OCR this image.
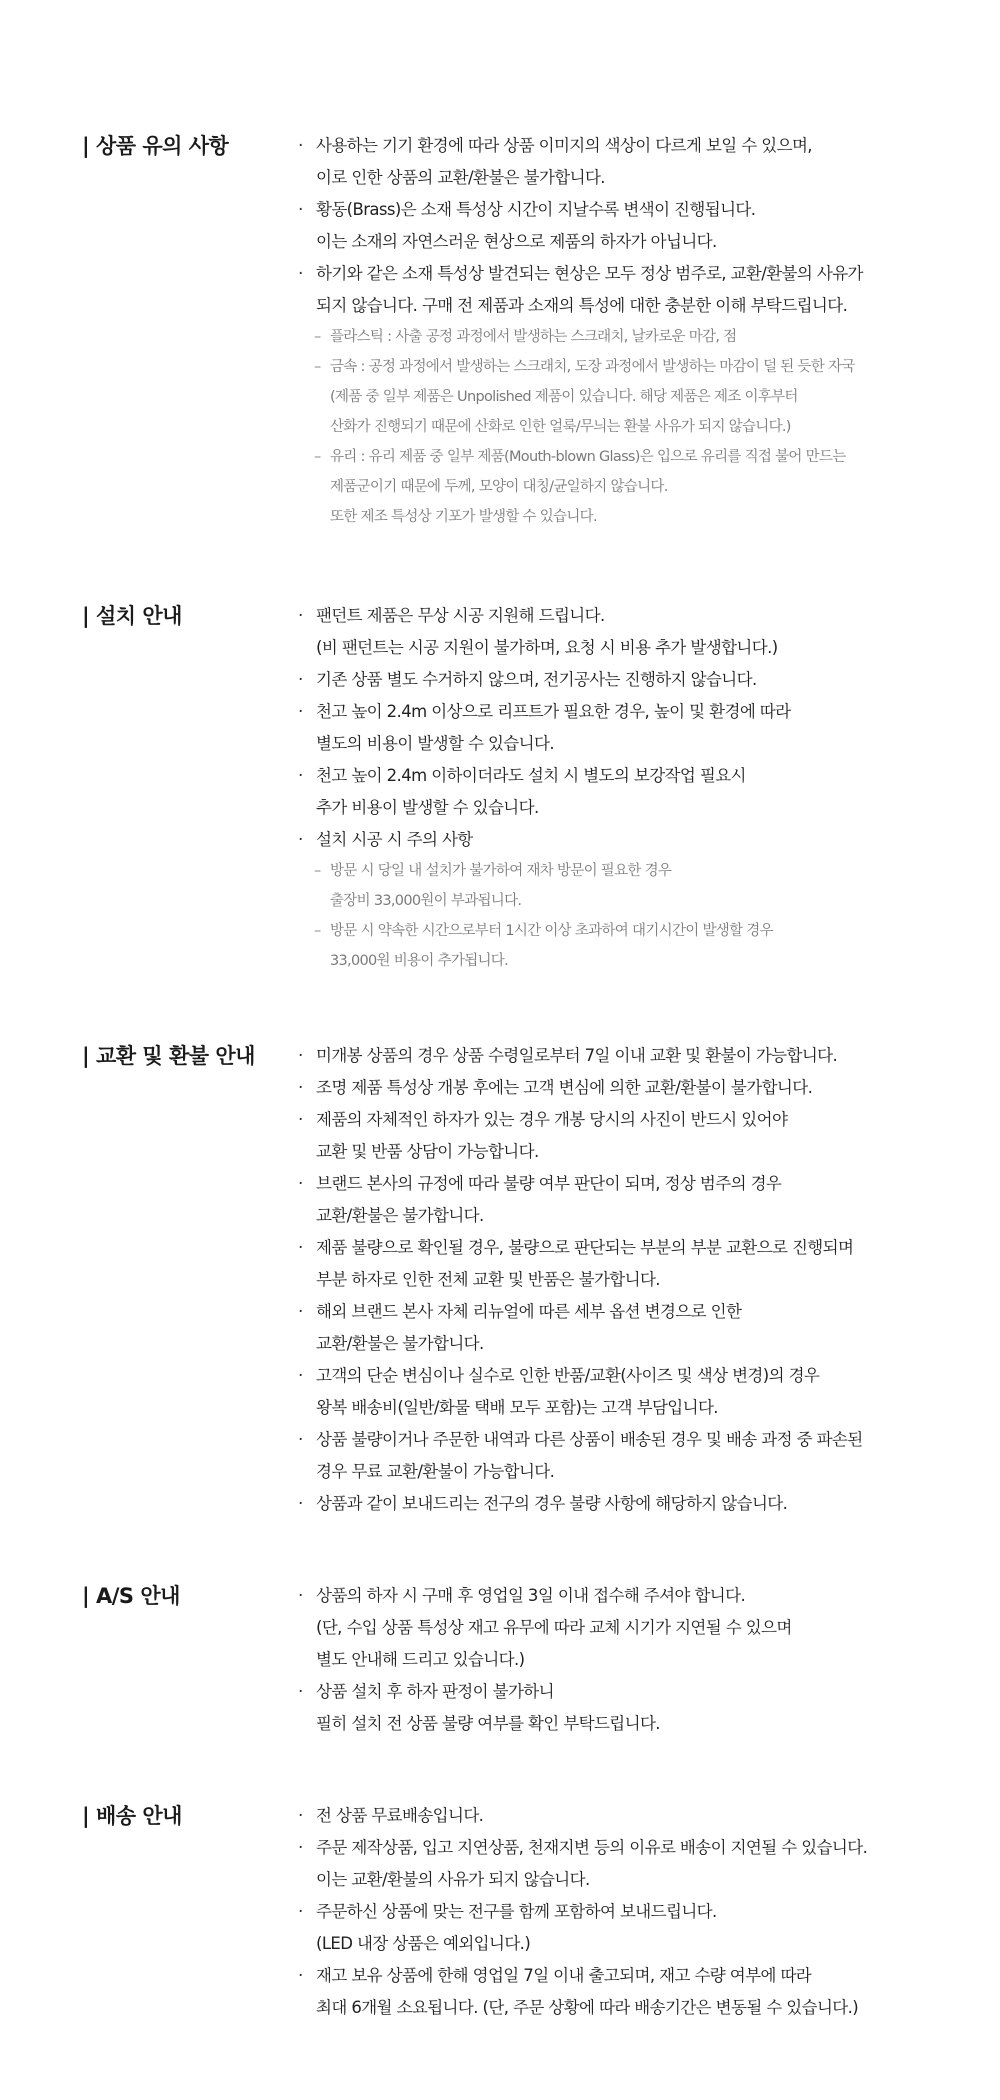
| 상품 유의 사항	· 사용하는 기기 환경에 따라 상품 이미지의 색상이 다르게 보일 수 있으며,
이로 인한 상품의 교환/환불은 불가합니다.
· 황동(Brass)은 소재 특성상 시간이 지날수록 변색이 진행됩니다.
이는 소재의 자연스러운 현상으로 제품의 하자가 아닙니다.
· 하기와 같은 소재 특성상 발견되는 현상은 모두 정상 범주로, 교환/환불의 사유가
되지 않습니다. 구매 전 제품과 소재의 특성에 대한 충분한 이해 부탁드립니다.
– 플라스틱 : 사출 공정 과정에서 발생하는 스크래치, 날카로운 마감, 점
– 금속 : 공정 과정에서 발생하는 스크래치, 도장 과정에서 발생하는 마감이 덜 된 듯한 자국
(제품 중 일부 제품은 Unpolished 제품이 있습니다. 해당 제품은 제조 이후부터
산화가 진행되기 때문에 산화로 인한 얼룩/무늬는 환불 사유가 되지 않습니다.)
– 유리 : 유리 제품 중 일부 제품(Mouth-blown Glass)은 입으로 유리를 직접 불어 만드는
제품군이기 때문에 두께, 모양이 대칭/균일하지 않습니다.
또한 제조 특성상 기포가 발생할 수 있습니다.
| 설치 안내	· 팬던트 제품은 무상 시공 지원해 드립니다.
(비 팬던트는 시공 지원이 불가하며, 요청 시 비용 추가 발생합니다.)
· 기존 상품 별도 수거하지 않으며, 전기공사는 진행하지 않습니다.
· 천고 높이 2.4m 이상으로 리프트가 필요한 경우, 높이 및 환경에 따라
별도의 비용이 발생할 수 있습니다.
· 천고 높이 2.4m 이하이더라도 설치 시 별도의 보강작업 필요시
추가 비용이 발생할 수 있습니다.
· 설치 시공 시 주의 사항
– 방문 시 당일 내 설치가 불가하여 재차 방문이 필요한 경우
출장비 33,000원이 부과됩니다.
– 방문 시 약속한 시간으로부터 1시간 이상 초과하여 대기시간이 발생할 경우
33,000원 비용이 추가됩니다.
| 교환 및 환불 안내	· 미개봉 상품의 경우 상품 수령일로부터 7일 이내 교환 및 환불이 가능합니다.
· 조명 제품 특성상 개봉 후에는 고객 변심에 의한 교환/환불이 불가합니다.
· 제품의 자체적인 하자가 있는 경우 개봉 당시의 사진이 반드시 있어야
교환 및 반품 상담이 가능합니다.
· 브랜드 본사의 규정에 따라 불량 여부 판단이 되며, 정상 범주의 경우
교환/환불은 불가합니다.
· 제품 불량으로 확인될 경우, 불량으로 판단되는 부분의 부분 교환으로 진행되며
부분 하자로 인한 전체 교환 및 반품은 불가합니다.
· 해외 브랜드 본사 자체 리뉴얼에 따른 세부 옵션 변경으로 인한
교환/환불은 불가합니다.
· 고객의 단순 변심이나 실수로 인한 반품/교환(사이즈 및 색상 변경)의 경우
왕복 배송비(일반/화물 택배 모두 포함)는 고객 부담입니다.
· 상품 불량이거나 주문한 내역과 다른 상품이 배송된 경우 및 배송 과정 중 파손된
경우 무료 교환/환불이 가능합니다.
· 상품과 같이 보내드리는 전구의 경우 불량 사항에 해당하지 않습니다.
| A/S 안내	· 상품의 하자 시 구매 후 영업일 3일 이내 접수해 주셔야 합니다.
(단, 수입 상품 특성상 재고 유무에 따라 교체 시기가 지연될 수 있으며
별도 안내해 드리고 있습니다.)
· 상품 설치 후 하자 판정이 불가하니
필히 설치 전 상품 불량 여부를 확인 부탁드립니다.
| 배송 안내	· 전 상품 무료배송입니다.
· 주문 제작상품, 입고 지연상품, 천재지변 등의 이유로 배송이 지연될 수 있습니다.
이는 교환/환불의 사유가 되지 않습니다.
· 주문하신 상품에 맞는 전구를 함께 포함하여 보내드립니다.
(LED 내장 상품은 예외입니다.)
· 재고 보유 상품에 한해 영업일 7일 이내 출고되며, 재고 수량 여부에 따라
최대 6개월 소요됩니다. (단, 주문 상황에 따라 배송기간은 변동될 수 있습니다.)
